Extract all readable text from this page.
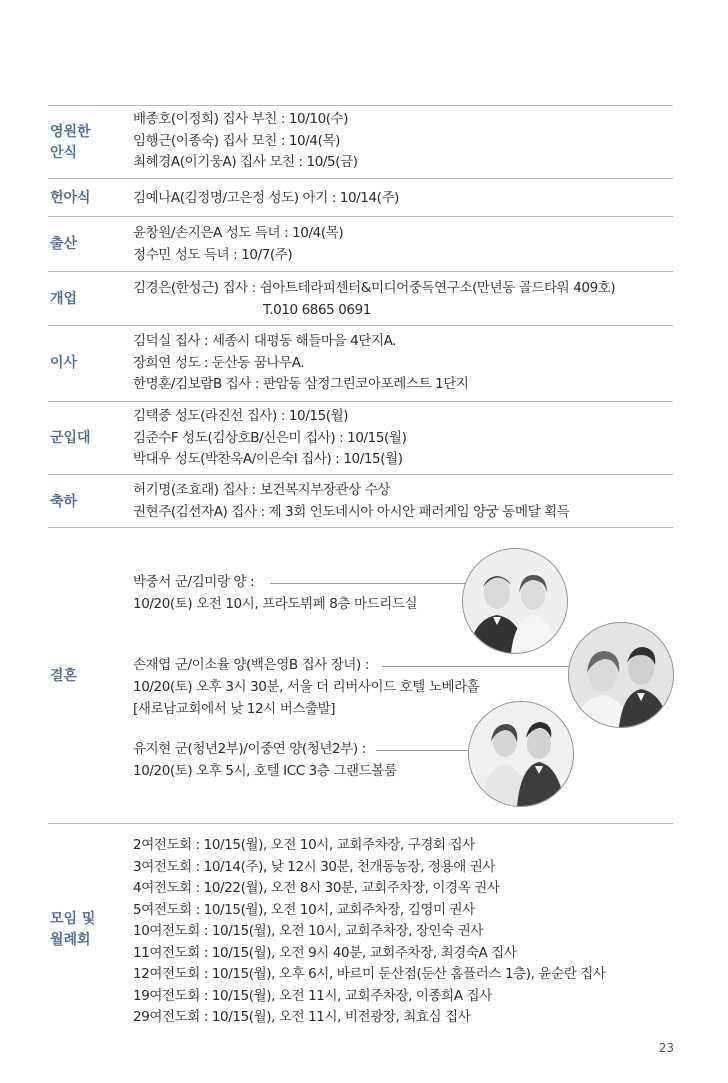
영원한 안식
배종호(이정희) 집사 부친 : 10/10(수)
임행근(이종숙) 집사 모친 : 10/4(목)
최혜경A(이기웅A) 집사 모친 : 10/5(금)
헌아식	김예나A(김정명/고은정 성도) 아기 : 10/14(주)
출산
윤창원/손지은A 성도 득녀 : 10/4(목)
정수민 성도 득녀 : 10/7(주)
개업
김경은(한성근) 집사 : 쉼아트테라피센터&미디어중독연구소(만년동 골드타워 409호)
T.010 6865 0691
이사
김덕실 집사 : 세종시 대평동 해들마을 4단지A.
장희연 성도 : 둔산동 꿈나무A.
한명훈/김보람B 집사 : 판암동 삼정그린코아포레스트 1단지
군입대
김택중 성도(라진선 집사) : 10/15(월)
김준수F 성도(김상호B/신은미 집사) : 10/15(월)
박대우 성도(박찬욱A/이은숙I 집사) : 10/15(월)
축하
허기명(조효래) 집사 : 보건복지부장관상 수상
권현주(김선자A) 집사 : 제 3회 인도네시아 아시안 패러게임 양궁 동메달 획득
결혼
박중서 군/김미랑 양 :
10/20(토) 오전 10시, 프라도뷔페 8층 마드리드실
손재엽 군/이소율 양(백은영B 집사 장녀) :
10/20(토) 오후 3시 30분, 서울 더 리버사이드 호텔 노베라홀
[새로남교회에서 낮 12시 버스출발]
유지현 군(청년2부)/이중연 양(청년2부) :
10/20(토) 오후 5시, 호텔 ICC 3층 그랜드볼룸
모임 및 월례회
2여전도회 : 10/15(월), 오전 10시, 교회주차장, 구경회 집사
3여전도회 : 10/14(주), 낮 12시 30분, 천개동농장, 정용애 권사
4여전도회 : 10/22(월), 오전 8시 30분, 교회주차장, 이경옥 권사
5여전도회 : 10/15(월), 오전 10시, 교회주차장, 김영미 권사
10여전도회 : 10/15(월), 오전 10시, 교회주차장, 장인숙 권사
11여전도회 : 10/15(월), 오전 9시 40분, 교회주차장, 최경숙A 집사
12여전도회 : 10/15(월), 오후 6시, 바르미 둔산점(둔산 홈플러스 1층), 윤순란 집사
19여전도회 : 10/15(월), 오전 11시, 교회주차장, 이종희A 집사
29여전도회 : 10/15(월), 오전 11시, 비전광장, 최효심 집사
23
